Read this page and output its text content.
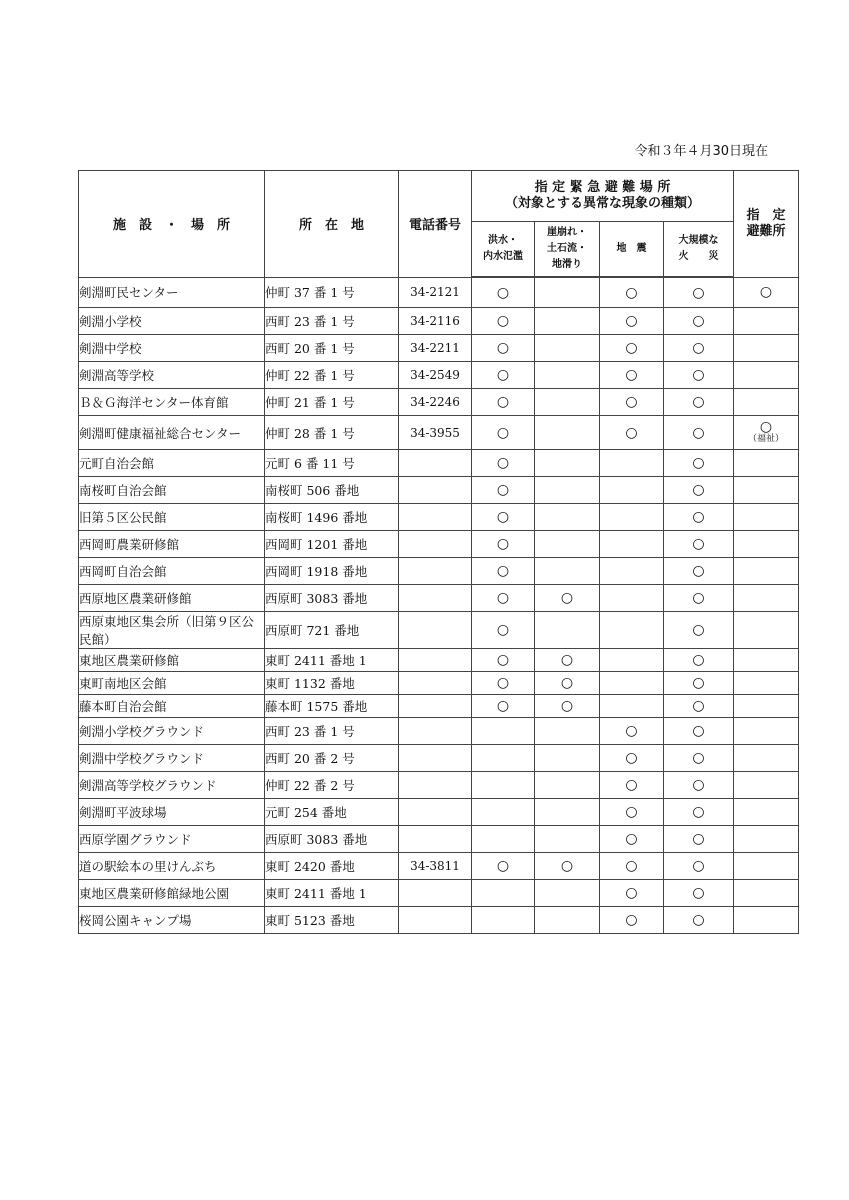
令和３年４月30日現在
施　設　・　場　所	所　在　地	電話番号	指 定 緊 急 避 難 場 所
（対象とする異常な現象の種類）				指　定
避難所

			洪水・
内水氾濫	崖崩れ・
土石流・
地滑り	地　震	大規模な
火　　災	

剣淵町民センター	仲町 37 番 1 号	34-2121	○		○	○	○
剣淵小学校	西町 23 番 1 号	34-2116	○		○	○	
剣淵中学校	西町 20 番 1 号	34-2211	○		○	○	
剣淵高等学校	仲町 22 番 1 号	34-2549	○		○	○	
Ｂ＆Ｇ海洋センター体育館	仲町 21 番 1 号	34-2246	○		○	○	
剣淵町健康福祉総合センター	仲町 28 番 1 号	34-3955	○		○	○	○
（福祉）

元町自治会館	元町 6 番 11 号		○			○	
南桜町自治会館	南桜町 506 番地		○			○	
旧第５区公民館	南桜町 1496 番地		○			○	
西岡町農業研修館	西岡町 1201 番地		○			○	
西岡町自治会館	西岡町 1918 番地		○			○	
西原地区農業研修館	西原町 3083 番地		○	○		○	
西原東地区集会所（旧第９区公民館）	西原町 721 番地		○			○	
東地区農業研修館	東町 2411 番地 1		○	○		○	
東町南地区会館	東町 1132 番地		○	○		○	
藤本町自治会館	藤本町 1575 番地		○	○		○	
剣淵小学校グラウンド	西町 23 番 1 号				○	○	
剣淵中学校グラウンド	西町 20 番 2 号				○	○	
剣淵高等学校グラウンド	仲町 22 番 2 号				○	○	
剣淵町平波球場	元町 254 番地				○	○	
西原学園グラウンド	西原町 3083 番地				○	○	
道の駅絵本の里けんぶち	東町 2420 番地	34-3811	○	○	○	○	
東地区農業研修館緑地公園	東町 2411 番地 1				○	○	
桜岡公園キャンプ場	東町 5123 番地				○	○	
